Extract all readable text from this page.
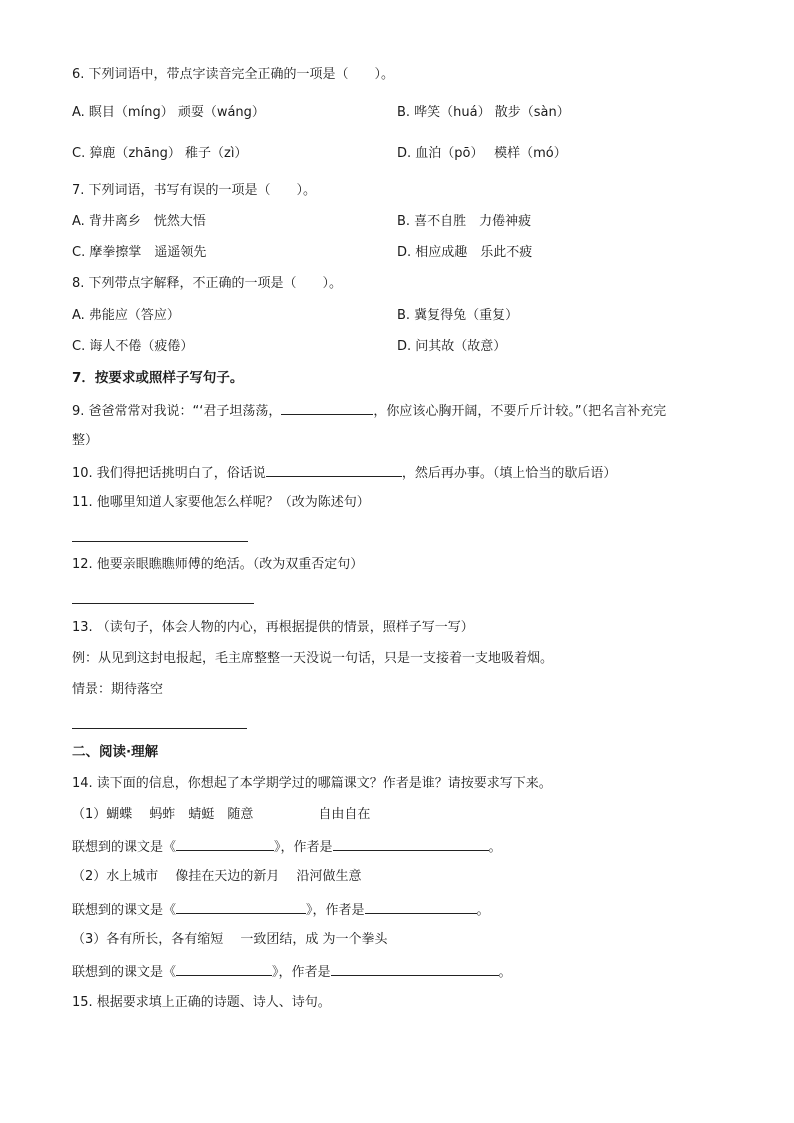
6. 下列词语中，带点字读音完全正确的一项是（　　）。
A. 瞑目（míng） 顽耍（wáng）	B. 哗笑（huá） 散步（sàn）
C. 獐鹿（zhāng） 稚子（zì）	D. 血泊（pō）　 模样（mó）
7. 下列词语，书写有误的一项是（　　）。
A. 背井离乡　恍然大悟	B. 喜不自胜　力倦神疲
C. 摩拳擦掌　遥遥领先	D. 相应成趣　乐此不疲
8. 下列带点字解释，不正确的一项是（　　）。
A. 弗能应（答应）	B. 冀复得兔（重复）
C. 诲人不倦（疲倦）	D. 问其故（故意）
7．按要求或照样子写句子。
9. 爸爸常常对我说：“‘君子坦荡荡，	，你应该心胸开阔，不要斤斤计较。”（把名言补充完
整）
10. 我们得把话挑明白了，俗话说	，然后再办事。（填上恰当的歇后语）
11. 他哪里知道人家要他怎么样呢？（改为陈述句）
12. 他要亲眼瞧瞧师傅的绝活。（改为双重否定句）
13. （读句子，体会人物的内心，再根据提供的情景，照样子写一写）
例：从见到这封电报起，毛主席整整一天没说一句话，只是一支接着一支地吸着烟。
情景：期待落空
二、阅读·理解
14. 读下面的信息，你想起了本学期学过的哪篇课文？作者是谁？请按要求写下来。
（1）蝴蝶　 蚂蚱　蜻蜓　随意　　　　　自由自在
联想到的课文是《	》，作者是	。
（2）水上城市　 像挂在天边的新月　 沿河做生意
联想到的课文是《	》，作者是	。
（3）各有所长，各有缩短　 一致团结，成 为一个拳头
联想到的课文是《	》，作者是	。
15. 根据要求填上正确的诗题、诗人、诗句。
